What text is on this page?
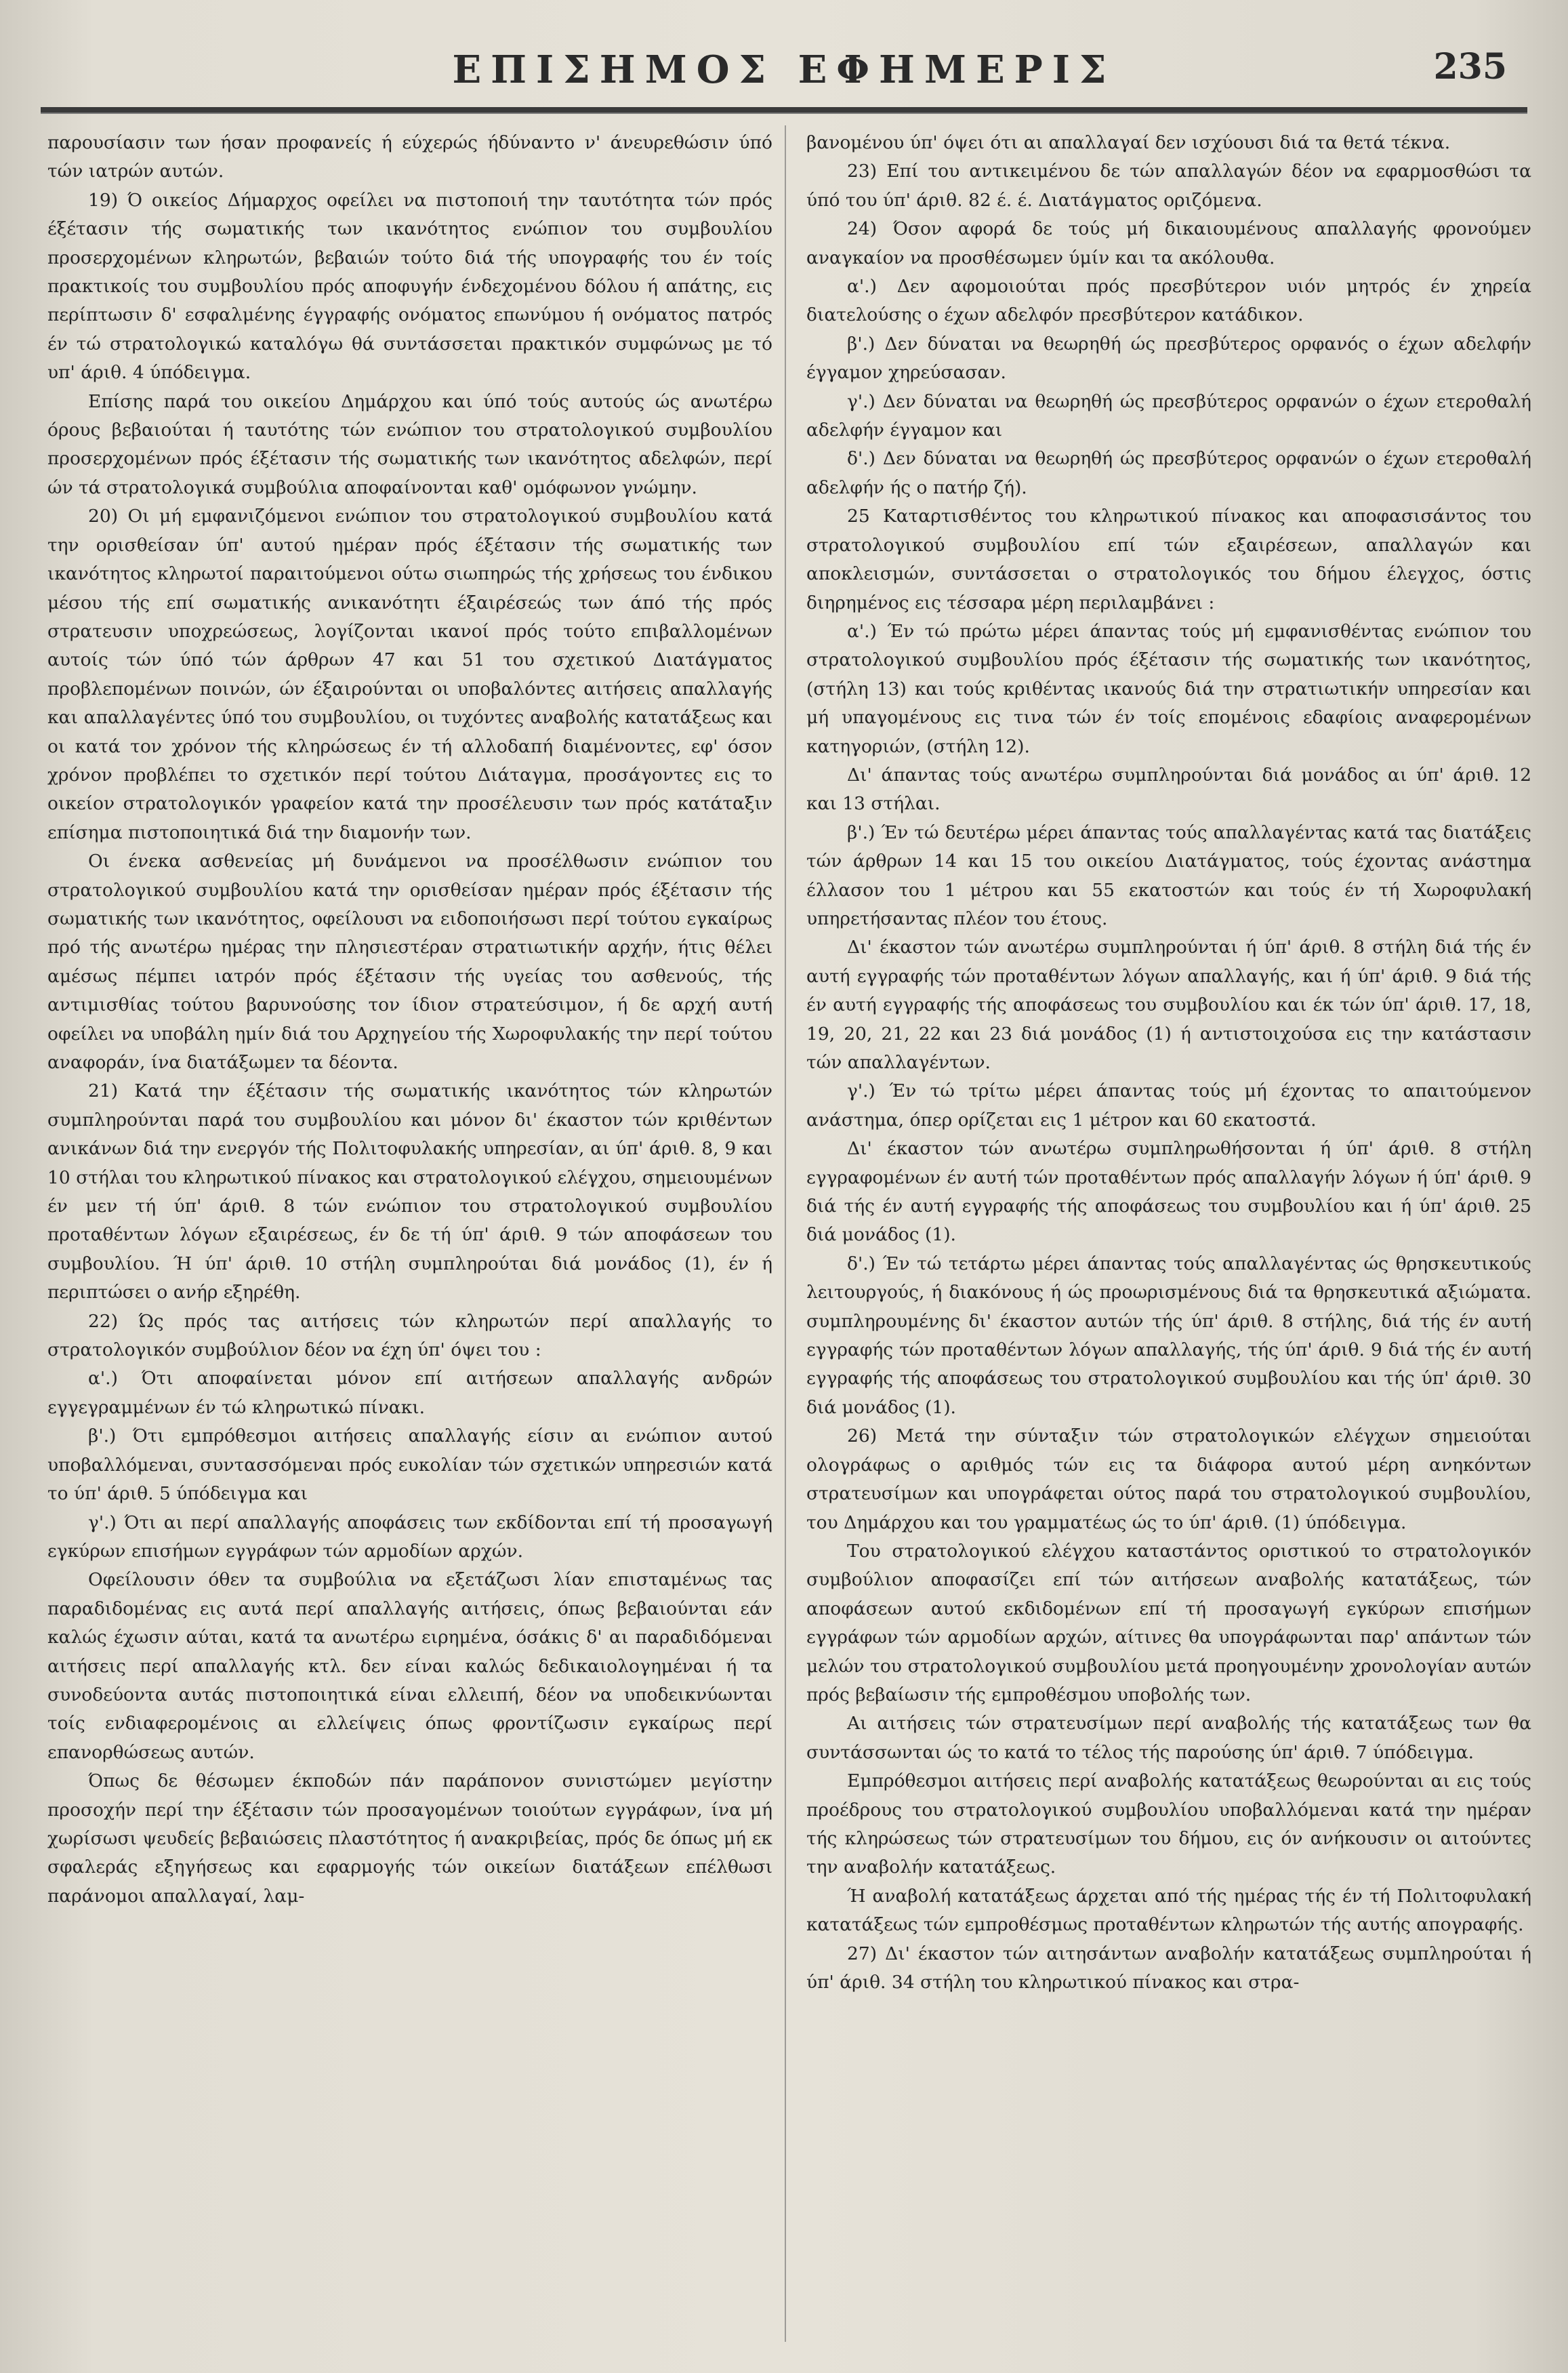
ΕΠΙΣΗΜΟΣ ΕΦΗΜΕΡΙΣ	235

παρουσίασιν των ήσαν προφανείς ή εύχερώς ήδύναντο ν' άνευρεθώσιν ύπό τών ιατρών αυτών.

19) Ό οικείος Δήμαρχος οφείλει να πιστοποιή την ταυτότητα τών πρός έξέτασιν τής σωματικής των ικανότητος ενώπιον του συμβουλίου προσερχομένων κληρωτών, βεβαιών τούτο διά τής υπογραφής του έν τοίς πρακτικοίς του συμβουλίου πρός αποφυγήν ένδεχομένου δόλου ή απάτης, εις περίπτωσιν δ' εσφαλμένης έγγραφής ονόματος επωνύμου ή ονόματος πατρός έν τώ στρατολογικώ καταλόγω θά συντάσσεται πρακτικόν συμφώνως με τό υπ' άριθ. 4 ύπόδειγμα.

Επίσης παρά του οικείου Δημάρχου και ύπό τούς αυτούς ώς ανωτέρω όρους βεβαιούται ή ταυτότης τών ενώπιον του στρατολογικού συμβουλίου προσερχομένων πρός έξέτασιν τής σωματικής των ικανότητος αδελφών, περί ών τά στρατολογικά συμβούλια αποφαίνονται καθ' ομόφωνον γνώμην.

20) Οι μή εμφανιζόμενοι ενώπιον του στρατολογικού συμβουλίου κατά την ορισθείσαν ύπ' αυτού ημέραν πρός έξέτασιν τής σωματικής των ικανότητος κληρωτοί παραιτούμενοι ούτω σιωπηρώς τής χρήσεως του ένδικου μέσου τής επί σωματικής ανικανότητι έξαιρέσεώς των άπό τής πρός στρατευσιν υποχρεώσεως, λογίζονται ικανοί πρός τούτο επιβαλλομένων αυτοίς τών ύπό τών άρθρων 47 και 51 του σχετικού Διατάγματος προβλεπομένων ποινών, ών έξαιρούνται οι υποβαλόντες αιτήσεις απαλλαγής και απαλλαγέντες ύπό του συμβουλίου, οι τυχόντες αναβολής κατατάξεως και οι κατά τον χρόνον τής κληρώσεως έν τή αλλοδαπή διαμένοντες, εφ' όσον χρόνον προβλέπει το σχετικόν περί τούτου Διάταγμα, προσάγοντες εις το οικείον στρατολογικόν γραφείον κατά την προσέλευσιν των πρός κατάταξιν επίσημα πιστοποιητικά διά την διαμονήν των.

Οι ένεκα ασθενείας μή δυνάμενοι να προσέλθωσιν ενώπιον του στρατολογικού συμβουλίου κατά την ορισθείσαν ημέραν πρός έξέτασιν τής σωματικής των ικανότητος, οφείλουσι να ειδοποιήσωσι περί τούτου εγκαίρως πρό τής ανωτέρω ημέρας την πλησιεστέραν στρατιωτικήν αρχήν, ήτις θέλει αμέσως πέμπει ιατρόν πρός έξέτασιν τής υγείας του ασθενούς, τής αντιμισθίας τούτου βαρυνούσης τον ίδιον στρατεύσιμον, ή δε αρχή αυτή οφείλει να υποβάλη ημίν διά του Αρχηγείου τής Χωροφυλακής την περί τούτου αναφοράν, ίνα διατάξωμεν τα δέοντα.

21) Κατά την έξέτασιν τής σωματικής ικανότητος τών κληρωτών συμπληρούνται παρά του συμβουλίου και μόνον δι' έκαστον τών κριθέντων ανικάνων διά την ενεργόν τής Πολιτοφυλακής υπηρεσίαν, αι ύπ' άριθ. 8, 9 και 10 στήλαι του κληρωτικού πίνακος και στρατολογικού ελέγχου, σημειουμένων έν μεν τή ύπ' άριθ. 8 τών ενώπιον του στρατολογικού συμβουλίου προταθέντων λόγων εξαιρέσεως, έν δε τή ύπ' άριθ. 9 τών αποφάσεων του συμβουλίου. Ή ύπ' άριθ. 10 στήλη συμπληρούται διά μονάδος (1), έν ή περιπτώσει ο ανήρ εξηρέθη.

22) Ώς πρός τας αιτήσεις τών κληρωτών περί απαλλαγής το στρατολογικόν συμβούλιον δέον να έχη ύπ' όψει του :

α'.) Ότι αποφαίνεται μόνον επί αιτήσεων απαλλαγής ανδρών εγγεγραμμένων έν τώ κληρωτικώ πίνακι.

β'.) Ότι εμπρόθεσμοι αιτήσεις απαλλαγής είσιν αι ενώπιον αυτού υποβαλλόμεναι, συντασσόμεναι πρός ευκολίαν τών σχετικών υπηρεσιών κατά το ύπ' άριθ. 5 ύπόδειγμα και

γ'.) Ότι αι περί απαλλαγής αποφάσεις των εκδίδονται επί τή προσαγωγή εγκύρων επισήμων εγγράφων τών αρμοδίων αρχών.

Οφείλουσιν όθεν τα συμβούλια να εξετάζωσι λίαν επισταμένως τας παραδιδομένας εις αυτά περί απαλλαγής αιτήσεις, όπως βεβαιούνται εάν καλώς έχωσιν αύται, κατά τα ανωτέρω ειρημένα, όσάκις δ' αι παραδιδόμεναι αιτήσεις περί απαλλαγής κτλ. δεν είναι καλώς δεδικαιολογημέναι ή τα συνοδεύοντα αυτάς πιστοποιητικά είναι ελλειπή, δέον να υποδεικνύωνται τοίς ενδιαφερομένοις αι ελλείψεις όπως φροντίζωσιν εγκαίρως περί επανορθώσεως αυτών.

Όπως δε θέσωμεν έκποδών πάν παράπονον συνιστώμεν μεγίστην προσοχήν περί την έξέτασιν τών προσαγομένων τοιούτων εγγράφων, ίνα μή χωρίσωσι ψευδείς βεβαιώσεις πλαστότητος ή ανακριβείας, πρός δε όπως μή εκ σφαλεράς εξηγήσεως και εφαρμογής τών οικείων διατάξεων επέλθωσι παράνομοι απαλλαγαί, λαμ-

βανομένου ύπ' όψει ότι αι απαλλαγαί δεν ισχύουσι διά τα θετά τέκνα.

23) Επί του αντικειμένου δε τών απαλλαγών δέον να εφαρμοσθώσι τα ύπό του ύπ' άριθ. 82 έ. έ. Διατάγματος οριζόμενα.

24) Όσον αφορά δε τούς μή δικαιουμένους απαλλαγής φρονούμεν αναγκαίον να προσθέσωμεν ύμίν και τα ακόλουθα.

α'.) Δεν αφομοιούται πρός πρεσβύτερον υιόν μητρός έν χηρεία διατελούσης ο έχων αδελφόν πρεσβύτερον κατάδικον.

β'.) Δεν δύναται να θεωρηθή ώς πρεσβύτερος ορφανός ο έχων αδελφήν έγγαμον χηρεύσασαν.

γ'.) Δεν δύναται να θεωρηθή ώς πρεσβύτερος ορφανών ο έχων ετεροθαλή αδελφήν έγγαμον και

δ'.) Δεν δύναται να θεωρηθή ώς πρεσβύτερος ορφανών ο έχων ετεροθαλή αδελφήν ής ο πατήρ ζή).

25 Καταρτισθέντος του κληρωτικού πίνακος και αποφασισάντος του στρατολογικού συμβουλίου επί τών εξαιρέσεων, απαλλαγών και αποκλεισμών, συντάσσεται ο στρατολογικός του δήμου έλεγχος, όστις διηρημένος εις τέσσαρα μέρη περιλαμβάνει :

α'.) Έν τώ πρώτω μέρει άπαντας τούς μή εμφανισθέντας ενώπιον του στρατολογικού συμβουλίου πρός έξέτασιν τής σωματικής των ικανότητος, (στήλη 13) και τούς κριθέντας ικανούς διά την στρατιωτικήν υπηρεσίαν και μή υπαγομένους εις τινα τών έν τοίς επομένοις εδαφίοις αναφερομένων κατηγοριών, (στήλη 12).

Δι' άπαντας τούς ανωτέρω συμπληρούνται διά μονάδος αι ύπ' άριθ. 12 και 13 στήλαι.

β'.) Έν τώ δευτέρω μέρει άπαντας τούς απαλλαγέντας κατά τας διατάξεις τών άρθρων 14 και 15 του οικείου Διατάγματος, τούς έχοντας ανάστημα έλλασον του 1 μέτρου και 55 εκατοστών και τούς έν τή Χωροφυλακή υπηρετήσαντας πλέον του έτους.

Δι' έκαστον τών ανωτέρω συμπληρούνται ή ύπ' άριθ. 8 στήλη διά τής έν αυτή εγγραφής τών προταθέντων λόγων απαλλαγής, και ή ύπ' άριθ. 9 διά τής έν αυτή εγγραφής τής αποφάσεως του συμβουλίου και έκ τών ύπ' άριθ. 17, 18, 19, 20, 21, 22 και 23 διά μονάδος (1) ή αντιστοιχούσα εις την κατάστασιν τών απαλλαγέντων.

γ'.) Έν τώ τρίτω μέρει άπαντας τούς μή έχοντας το απαιτούμενον ανάστημα, όπερ ορίζεται εις 1 μέτρον και 60 εκατοστά.

Δι' έκαστον τών ανωτέρω συμπληρωθήσονται ή ύπ' άριθ. 8 στήλη εγγραφομένων έν αυτή τών προταθέντων πρός απαλλαγήν λόγων ή ύπ' άριθ. 9 διά τής έν αυτή εγγραφής τής αποφάσεως του συμβουλίου και ή ύπ' άριθ. 25 διά μονάδος (1).

δ'.) Έν τώ τετάρτω μέρει άπαντας τούς απαλλαγέντας ώς θρησκευτικούς λειτουργούς, ή διακόνους ή ώς προωρισμένους διά τα θρησκευτικά αξιώματα. συμπληρουμένης δι' έκαστον αυτών τής ύπ' άριθ. 8 στήλης, διά τής έν αυτή εγγραφής τών προταθέντων λόγων απαλλαγής, τής ύπ' άριθ. 9 διά τής έν αυτή εγγραφής τής αποφάσεως του στρατολογικού συμβουλίου και τής ύπ' άριθ. 30 διά μονάδος (1).

26) Μετά την σύνταξιν τών στρατολογικών ελέγχων σημειούται ολογράφως ο αριθμός τών εις τα διάφορα αυτού μέρη ανηκόντων στρατευσίμων και υπογράφεται ούτος παρά του στρατολογικού συμβουλίου, του Δημάρχου και του γραμματέως ώς το ύπ' άριθ. (1) ύπόδειγμα.

Του στρατολογικού ελέγχου καταστάντος οριστικού το στρατολογικόν συμβούλιον αποφασίζει επί τών αιτήσεων αναβολής κατατάξεως, τών αποφάσεων αυτού εκδιδομένων επί τή προσαγωγή εγκύρων επισήμων εγγράφων τών αρμοδίων αρχών, αίτινες θα υπογράφωνται παρ' απάντων τών μελών του στρατολογικού συμβουλίου μετά προηγουμένην χρονολογίαν αυτών πρός βεβαίωσιν τής εμπροθέσμου υποβολής των.

Αι αιτήσεις τών στρατευσίμων περί αναβολής τής κατατάξεως των θα συντάσσωνται ώς το κατά το τέλος τής παρούσης ύπ' άριθ. 7 ύπόδειγμα.

Εμπρόθεσμοι αιτήσεις περί αναβολής κατατάξεως θεωρούνται αι εις τούς προέδρους του στρατολογικού συμβουλίου υποβαλλόμεναι κατά την ημέραν τής κληρώσεως τών στρατευσίμων του δήμου, εις όν ανήκουσιν οι αιτούντες την αναβολήν κατατάξεως.

Ή αναβολή κατατάξεως άρχεται από τής ημέρας τής έν τή Πολιτοφυλακή κατατάξεως τών εμπροθέσμως προταθέντων κληρωτών τής αυτής απογραφής.

27) Δι' έκαστον τών αιτησάντων αναβολήν κατατάξεως συμπληρούται ή ύπ' άριθ. 34 στήλη του κληρωτικού πίνακος και στρα-
